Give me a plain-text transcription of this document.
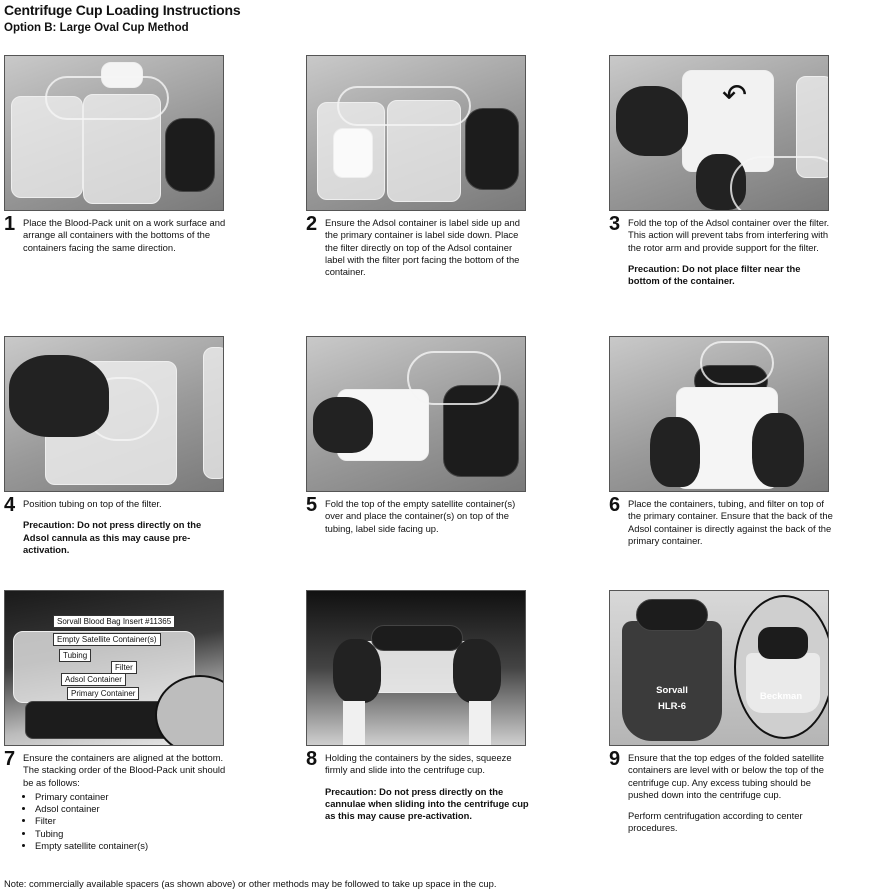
Centrifuge Cup Loading Instructions
Option B: Large Oval Cup Method
1 Place the Blood-Pack unit on a work surface and arrange all containers with the bottoms of the containers facing the same direction.
2 Ensure the Adsol container is label side up and the primary container is label side down. Place the filter directly on top of the Adsol container label with the filter port facing the bottom of the container.
↶
3 Fold the top of the Adsol container over the filter. This action will prevent tabs from interfering with the rotor arm and provide support for the filter.
Precaution: Do not place filter near the bottom of the container.
4 Position tubing on top of the filter.
Precaution: Do not press directly on the Adsol cannula as this may cause pre-activation.
5 Fold the top of the empty satellite container(s) over and place the container(s) on top of the tubing, label side facing up.
6 Place the containers, tubing, and filter on top of the primary container. Ensure that the back of the Adsol container is directly against the back of the primary container.
Sorvall Blood Bag Insert #11365
Empty Satellite Container(s)
Tubing
Filter
Adsol Container
Primary Container
7 Ensure the containers are aligned at the bottom. The stacking order of the Blood-Pack unit should be as follows:
• Primary container
• Adsol container
• Filter
• Tubing
• Empty satellite container(s)
8 Holding the containers by the sides, squeeze firmly and slide into the centrifuge cup.
Precaution: Do not press directly on the cannulae when sliding into the centrifuge cup as this may cause pre-activation.
Sorvall
HLR-6
Beckman
9 Ensure that the top edges of the folded satellite containers are level with or below the top of the centrifuge cup. Any excess tubing should be pushed down into the centrifuge cup.
Perform centrifugation according to center procedures.
Note: commercially available spacers (as shown above) or other methods may be followed to take up space in the cup.
